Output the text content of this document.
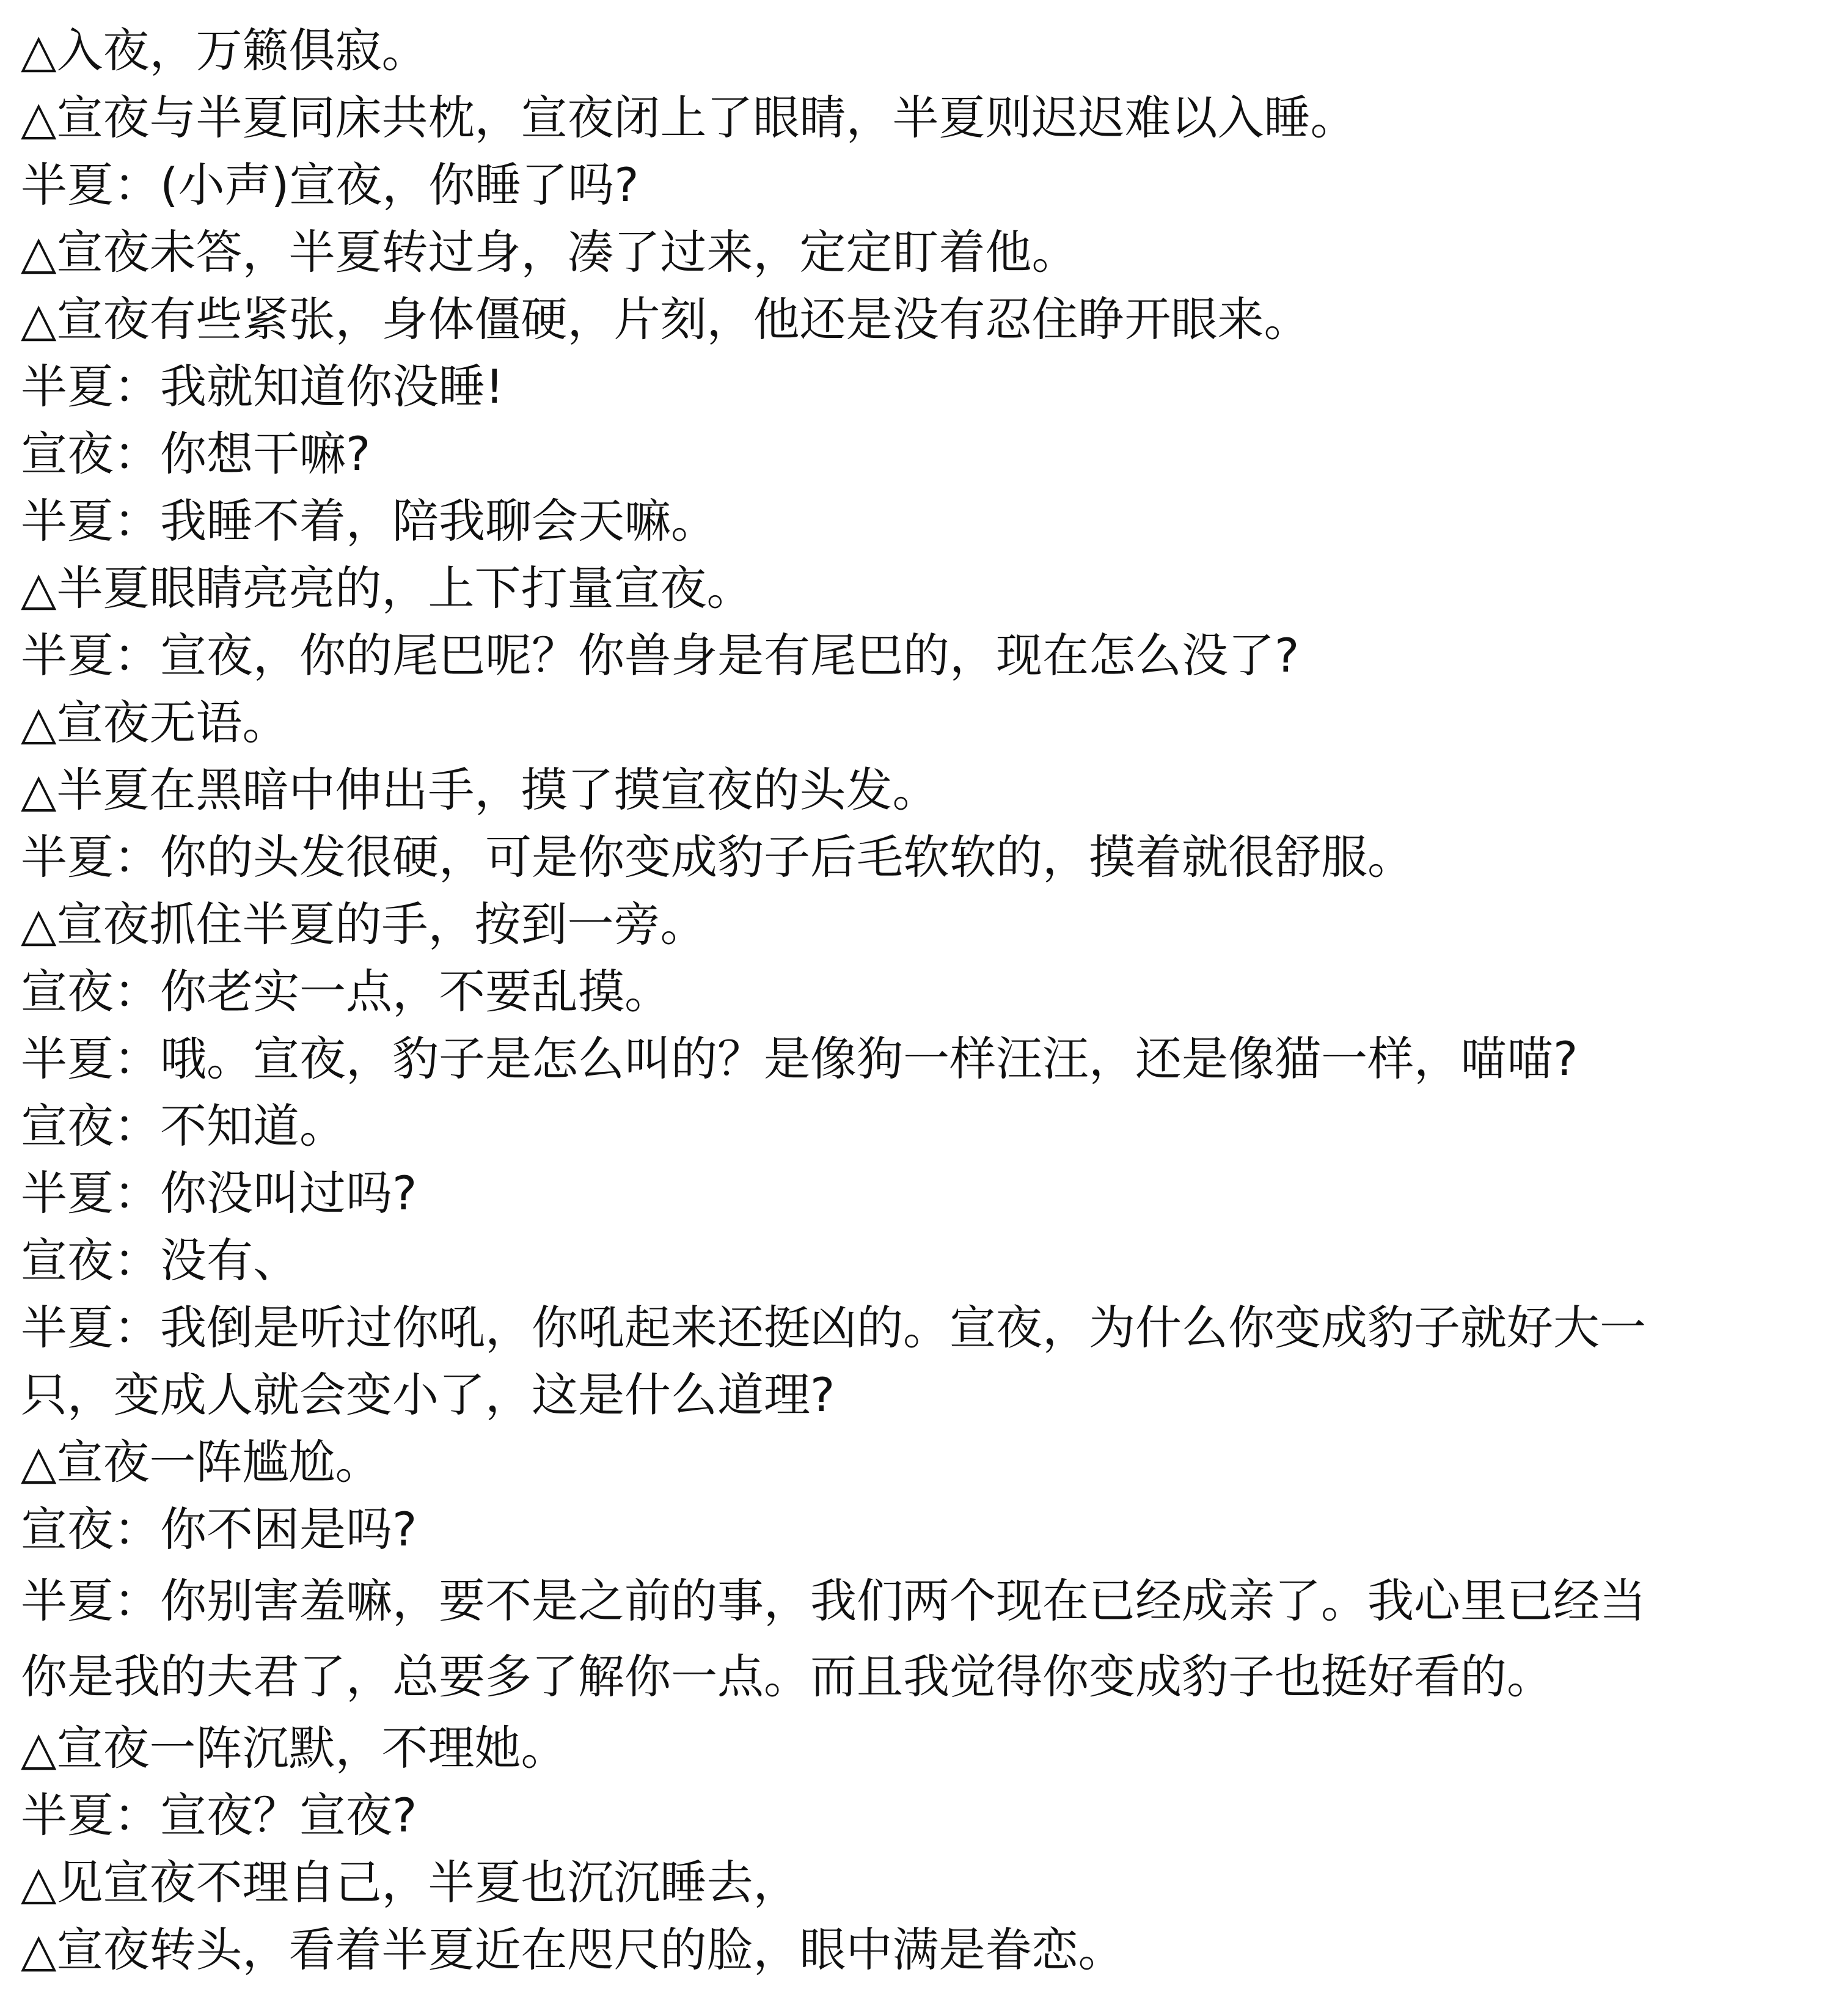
△入夜，万籁俱寂。
△宣夜与半夏同床共枕，宣夜闭上了眼睛，半夏则迟迟难以入睡。
半夏：(小声)宣夜，你睡了吗?
△宣夜未答，半夏转过身，凑了过来，定定盯着他。
△宣夜有些紧张，身体僵硬，片刻，他还是没有忍住睁开眼来。
半夏：我就知道你没睡!
宣夜：你想干嘛?
半夏：我睡不着，陪我聊会天嘛。
△半夏眼睛亮亮的，上下打量宣夜。
半夏：宣夜，你的尾巴呢？你兽身是有尾巴的，现在怎么没了?
△宣夜无语。
△半夏在黑暗中伸出手，摸了摸宣夜的头发。
半夏：你的头发很硬，可是你变成豹子后毛软软的，摸着就很舒服。
△宣夜抓住半夏的手，按到一旁。
宣夜：你老实一点，不要乱摸。
半夏：哦。宣夜，豹子是怎么叫的？是像狗一样汪汪，还是像猫一样，喵喵?
宣夜：不知道。
半夏：你没叫过吗?
宣夜：没有、
半夏：我倒是听过你吼，你吼起来还挺凶的。宣夜，为什么你变成豹子就好大一
只，变成人就会变小了，这是什么道理?
△宣夜一阵尴尬。
宣夜：你不困是吗?
半夏：你别害羞嘛，要不是之前的事，我们两个现在已经成亲了。我心里已经当
你是我的夫君了，总要多了解你一点。而且我觉得你变成豹子也挺好看的。
△宣夜一阵沉默，不理她。
半夏：宣夜？宣夜?
△见宣夜不理自己，半夏也沉沉睡去，
△宣夜转头，看着半夏近在咫尺的脸，眼中满是眷恋。
